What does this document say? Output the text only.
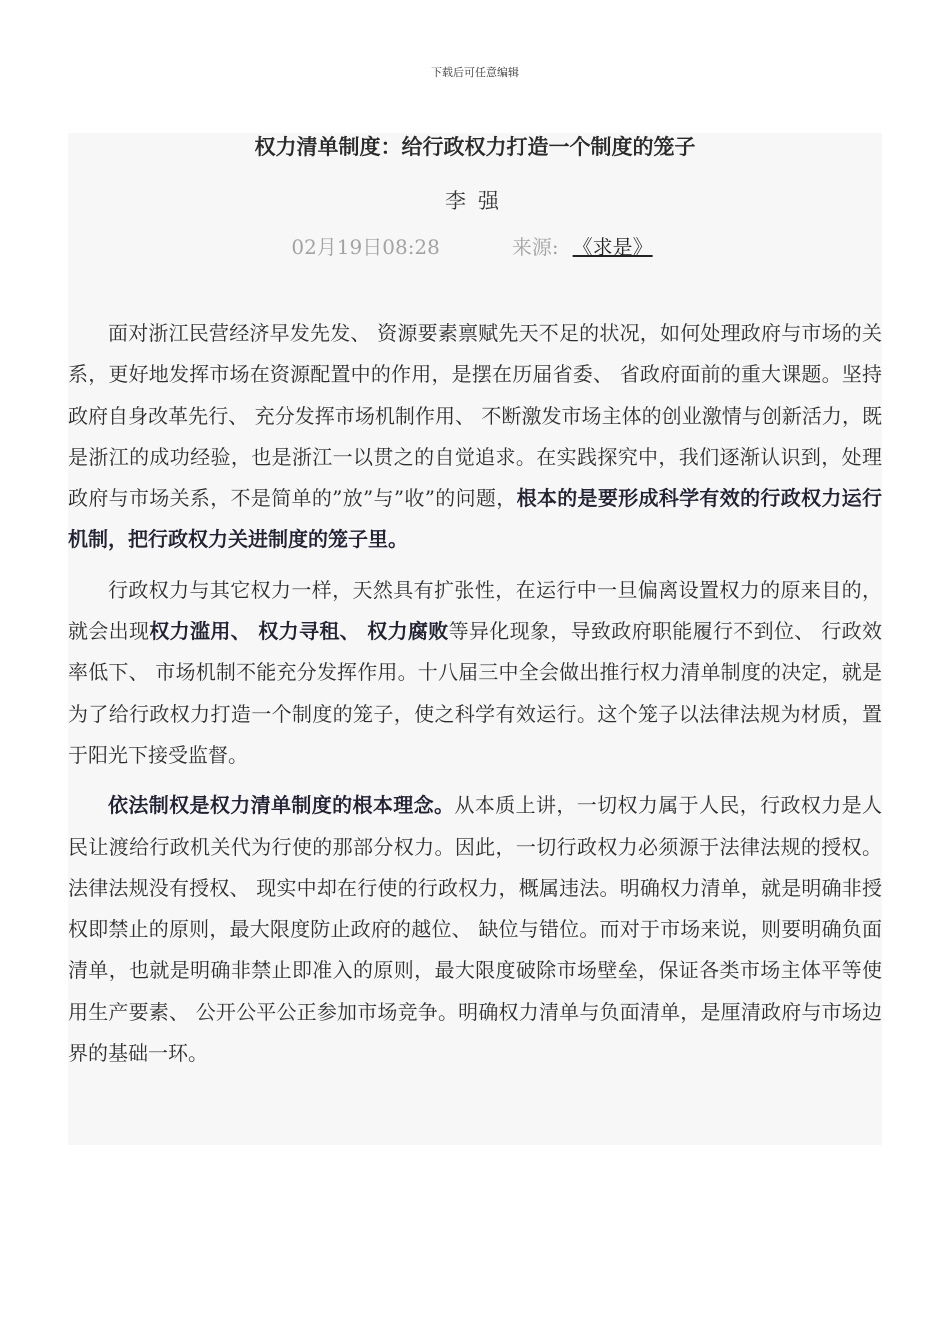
下载后可任意编辑
权力清单制度：给行政权力打造一个制度的笼子
李强
02月19日08:28	来源: 《求是》

面对浙江民营经济早发先发、 资源要素禀赋先天不足的状况，如何处理政府与市场的关系，更好地发挥市场在资源配置中的作用，是摆在历届省委、 省政府面前的重大课题。坚持政府自身改革先行、 充分发挥市场机制作用、 不断激发市场主体的创业激情与创新活力，既是浙江的成功经验，也是浙江一以贯之的自觉追求。在实践探究中，我们逐渐认识到，处理政府与市场关系，不是简单的”放”与”收”的问题，根本的是要形成科学有效的行政权力运行机制，把行政权力关进制度的笼子里。

行政权力与其它权力一样，天然具有扩张性，在运行中一旦偏离设置权力的原来目的，就会出现权力滥用、 权力寻租、 权力腐败等异化现象，导致政府职能履行不到位、 行政效率低下、 市场机制不能充分发挥作用。十八届三中全会做出推行权力清单制度的决定，就是为了给行政权力打造一个制度的笼子，使之科学有效运行。这个笼子以法律法规为材质，置于阳光下接受监督。

依法制权是权力清单制度的根本理念。从本质上讲，一切权力属于人民，行政权力是人民让渡给行政机关代为行使的那部分权力。因此，一切行政权力必须源于法律法规的授权。法律法规没有授权、 现实中却在行使的行政权力，概属违法。明确权力清单，就是明确非授权即禁止的原则，最大限度防止政府的越位、 缺位与错位。而对于市场来说，则要明确负面清单，也就是明确非禁止即准入的原则，最大限度破除市场壁垒，保证各类市场主体平等使用生产要素、 公开公平公正参加市场竞争。明确权力清单与负面清单，是厘清政府与市场边界的基础一环。
